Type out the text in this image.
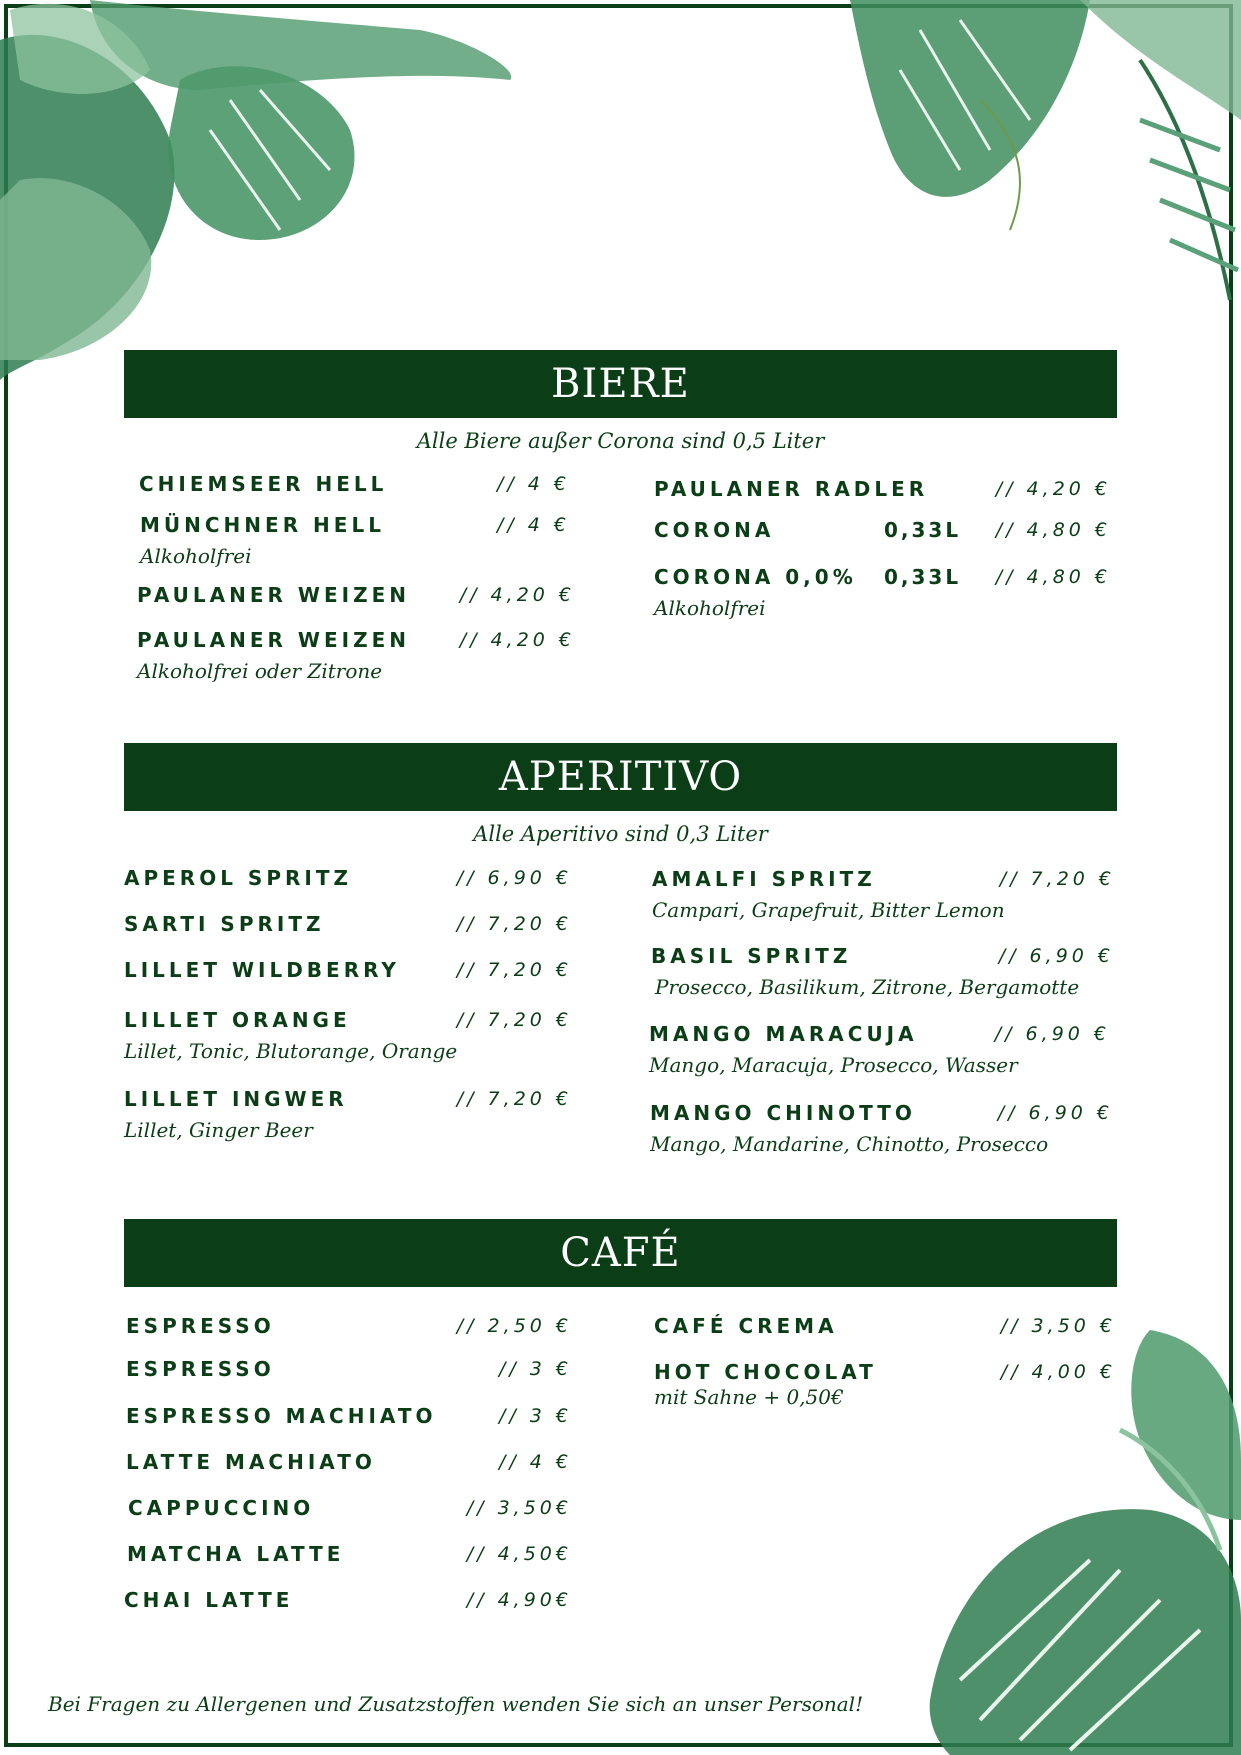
BIERE
Alle Biere außer Corona sind 0,5 Liter
CHIEMSEER HELL	// 4 €
MÜNCHNER HELL	// 4 €
Alkoholfrei
PAULANER WEIZEN	// 4,20 €
PAULANER WEIZEN	// 4,20 €
Alkoholfrei oder Zitrone
PAULANER RADLER	// 4,20 €
CORONA	0,33L // 4,80 €
CORONA 0,0% 0,33L // 4,80 €
Alkoholfrei
APERITIVO
Alle Aperitivo sind 0,3 Liter
APEROL SPRITZ	// 6,90 €
SARTI SPRITZ	// 7,20 €
LILLET WILDBERRY	// 7,20 €
LILLET ORANGE	// 7,20 €
Lillet, Tonic, Blutorange, Orange
LILLET INGWER	// 7,20 €
Lillet, Ginger Beer
AMALFI SPRITZ	// 7,20 €
Campari, Grapefruit, Bitter Lemon
BASIL SPRITZ	// 6,90 €
Prosecco, Basilikum, Zitrone, Bergamotte
MANGO MARACUJA	// 6,90 €
Mango, Maracuja, Prosecco, Wasser
MANGO CHINOTTO	// 6,90 €
Mango, Mandarine, Chinotto, Prosecco
CAFÉ
ESPRESSO	// 2,50 €
ESPRESSO	// 3 €
ESPRESSO MACHIATO	// 3 €
LATTE MACHIATO	// 4 €
CAPPUCCINO	// 3,50€
MATCHA LATTE	// 4,50€
CHAI LATTE	// 4,90€
CAFÉ CREMA	// 3,50 €
HOT CHOCOLAT	// 4,00 €
mit Sahne + 0,50€
Bei Fragen zu Allergenen und Zusatzstoffen wenden Sie sich an unser Personal!
